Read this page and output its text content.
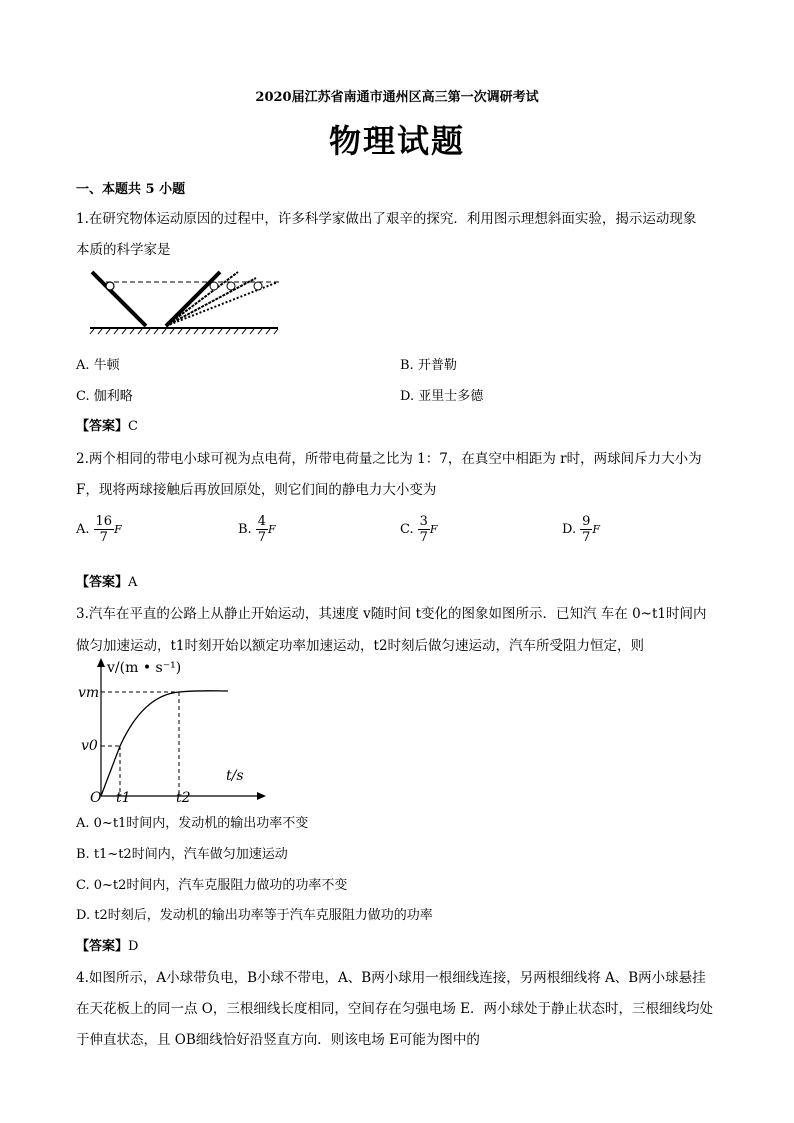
2020届江苏省南通市通州区高三第一次调研考试
物理试题
一、本题共 5 小题
1.在研究物体运动原因的过程中，许多科学家做出了艰辛的探究．利用图示理想斜面实验，揭示运动现象
本质的科学家是
A. 牛顿	B. 开普勒
C. 伽利略	D. 亚里士多德
【答案】C
2.两个相同的带电小球可视为点电荷，所带电荷量之比为 1：7，在真空中相距为 r时，两球间斥力大小为
F，现将两球接触后再放回原处，则它们间的静电力大小变为
A. $\frac{16}{7}$ F	B. $\frac{4}{7}$ F	C. $\frac{3}{7}$ F	D. $\frac{9}{7}$ F
【答案】A
3.汽车在平直的公路上从静止开始运动，其速度 v随时间 t变化的图象如图所示．已知汽 车在 0~t1时间内
做匀加速运动，t1时刻开始以额定功率加速运动，t2时刻后做匀速运动，汽车所受阻力恒定，则
v/(m • s⁻¹)
t/s
vm
v0
O t1	t2
A. 0~t1时间内，发动机的输出功率不变
B. t1~t2时间内，汽车做匀加速运动
C. 0~t2时间内，汽车克服阻力做功的功率不变
D. t2时刻后，发动机的输出功率等于汽车克服阻力做功的功率
【答案】D
4.如图所示，A小球带负电，B小球不带电，A、B两小球用一根细线连接，另两根细线将 A、B两小球悬挂
在天花板上的同一点 O，三根细线长度相同，空间存在匀强电场 E．两小球处于静止状态时，三根细线均处
于伸直状态，且 OB细线恰好沿竖直方向．则该电场 E可能为图中的
